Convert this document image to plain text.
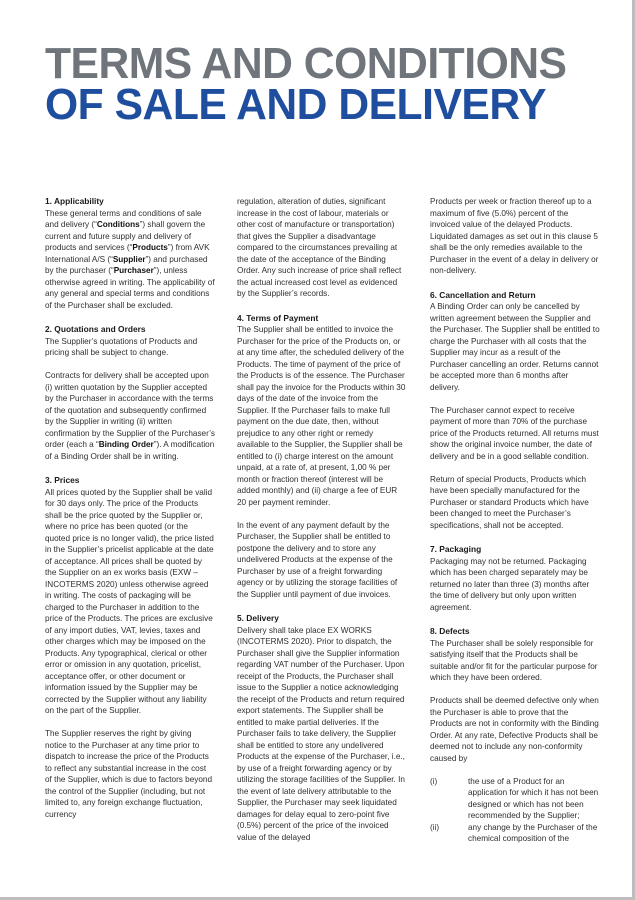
TERMS AND CONDITIONS
OF SALE AND DELIVERY
1. Applicability

These general terms and conditions of sale and delivery (“Conditions”) shall govern the current and future supply and delivery of products and services (“Products”) from AVK International A/S (“Supplier”) and purchased by the purchaser (“Purchaser”), unless otherwise agreed in writing. The applicability of any general and special terms and conditions of the Purchaser shall be excluded.

2. Quotations and Orders

The Supplier’s quotations of Products and pricing shall be subject to change.

Contracts for delivery shall be accepted upon (i) written quotation by the Supplier accepted by the Purchaser in accordance with the terms of the quotation and subsequently confirmed by the Supplier in writing (ii) written confirmation by the Supplier of the Purchaser’s order (each a “Binding Order”). A modification of a Binding Order shall be in writing.

3. Prices

All prices quoted by the Supplier shall be valid for 30 days only. The price of the Products shall be the price quoted by the Supplier or, where no price has been quoted (or the quoted price is no longer valid), the price listed in the Supplier’s pricelist applicable at the date of acceptance. All prices shall be quoted by the Supplier on an ex works basis (EXW – INCOTERMS 2020) unless otherwise agreed in writing. The costs of packaging will be charged to the Purchaser in addition to the price of the Products. The prices are exclusive of any import duties, VAT, levies, taxes and other charges which may be imposed on the Products. Any typographical, clerical or other error or omission in any quotation, pricelist, acceptance offer, or other document or information issued by the Supplier may be corrected by the Supplier without any liability on the part of the Supplier.

The Supplier reserves the right by giving notice to the Purchaser at any time prior to dispatch to increase the price of the Products to reflect any substantial increase in the cost of the Supplier, which is due to factors beyond the control of the Supplier (including, but not limited to, any foreign exchange fluctuation, currency

regulation, alteration of duties, significant increase in the cost of labour, materials or other cost of manufacture or transportation) that gives the Supplier a disadvantage compared to the circumstances prevailing at the date of the acceptance of the Binding Order. Any such increase of price shall reflect the actual increased cost level as evidenced by the Supplier’s records.

4. Terms of Payment

The Supplier shall be entitled to invoice the Purchaser for the price of the Products on, or at any time after, the scheduled delivery of the Products. The time of payment of the price of the Products is of the essence. The Purchaser shall pay the invoice for the Products within 30 days of the date of the invoice from the Supplier. If the Purchaser fails to make full payment on the due date, then, without prejudice to any other right or remedy available to the Supplier, the Supplier shall be entitled to (i) charge interest on the amount unpaid, at a rate of, at present, 1,00 % per month or fraction thereof (interest will be added monthly) and (ii) charge a fee of EUR 20 per payment reminder.

In the event of any payment default by the Purchaser, the Supplier shall be entitled to postpone the delivery and to store any undelivered Products at the expense of the Purchaser by use of a freight forwarding agency or by utilizing the storage facilities of the Supplier until payment of due invoices.

5. Delivery

Delivery shall take place EX WORKS (INCOTERMS 2020). Prior to dispatch, the Purchaser shall give the Supplier information regarding VAT number of the Purchaser. Upon receipt of the Products, the Purchaser shall issue to the Supplier a notice acknowledging the receipt of the Products and return required export statements. The Supplier shall be entitled to make partial deliveries. If the Purchaser fails to take delivery, the Supplier shall be entitled to store any undelivered Products at the expense of the Purchaser, i.e., by use of a freight forwarding agency or by utilizing the storage facilities of the Supplier. In the event of late delivery attributable to the Supplier, the Purchaser may seek liquidated damages for delay equal to zero-point five (0.5%) percent of the price of the invoiced value of the delayed

Products per week or fraction thereof up to a maximum of five (5.0%) percent of the invoiced value of the delayed Products. Liquidated damages as set out in this clause 5 shall be the only remedies available to the Purchaser in the event of a delay in delivery or non-delivery.

6. Cancellation and Return

A Binding Order can only be cancelled by written agreement between the Supplier and the Purchaser. The Supplier shall be entitled to charge the Purchaser with all costs that the Supplier may incur as a result of the Purchaser cancelling an order. Returns cannot be accepted more than 6 months after delivery.

The Purchaser cannot expect to receive payment of more than 70% of the purchase price of the Products returned. All returns must show the original invoice number, the date of delivery and be in a good sellable condition.

Return of special Products, Products which have been specially manufactured for the Purchaser or standard Products which have been changed to meet the Purchaser’s specifications, shall not be accepted.

7. Packaging

Packaging may not be returned. Packaging which has been charged separately may be returned no later than three (3) months after the time of delivery but only upon written agreement.

8. Defects

The Purchaser shall be solely responsible for satisfying itself that the Products shall be suitable and/or fit for the particular purpose for which they have been ordered.

Products shall be deemed defective only when the Purchaser is able to prove that the Products are not in conformity with the Binding Order. At any rate, Defective Products shall be deemed not to include any non-conformity caused by

(i)	the use of a Product for an application for which it has not been designed or which has not been recommended by the Supplier;
(ii)	any change by the Purchaser of the chemical composition of the
